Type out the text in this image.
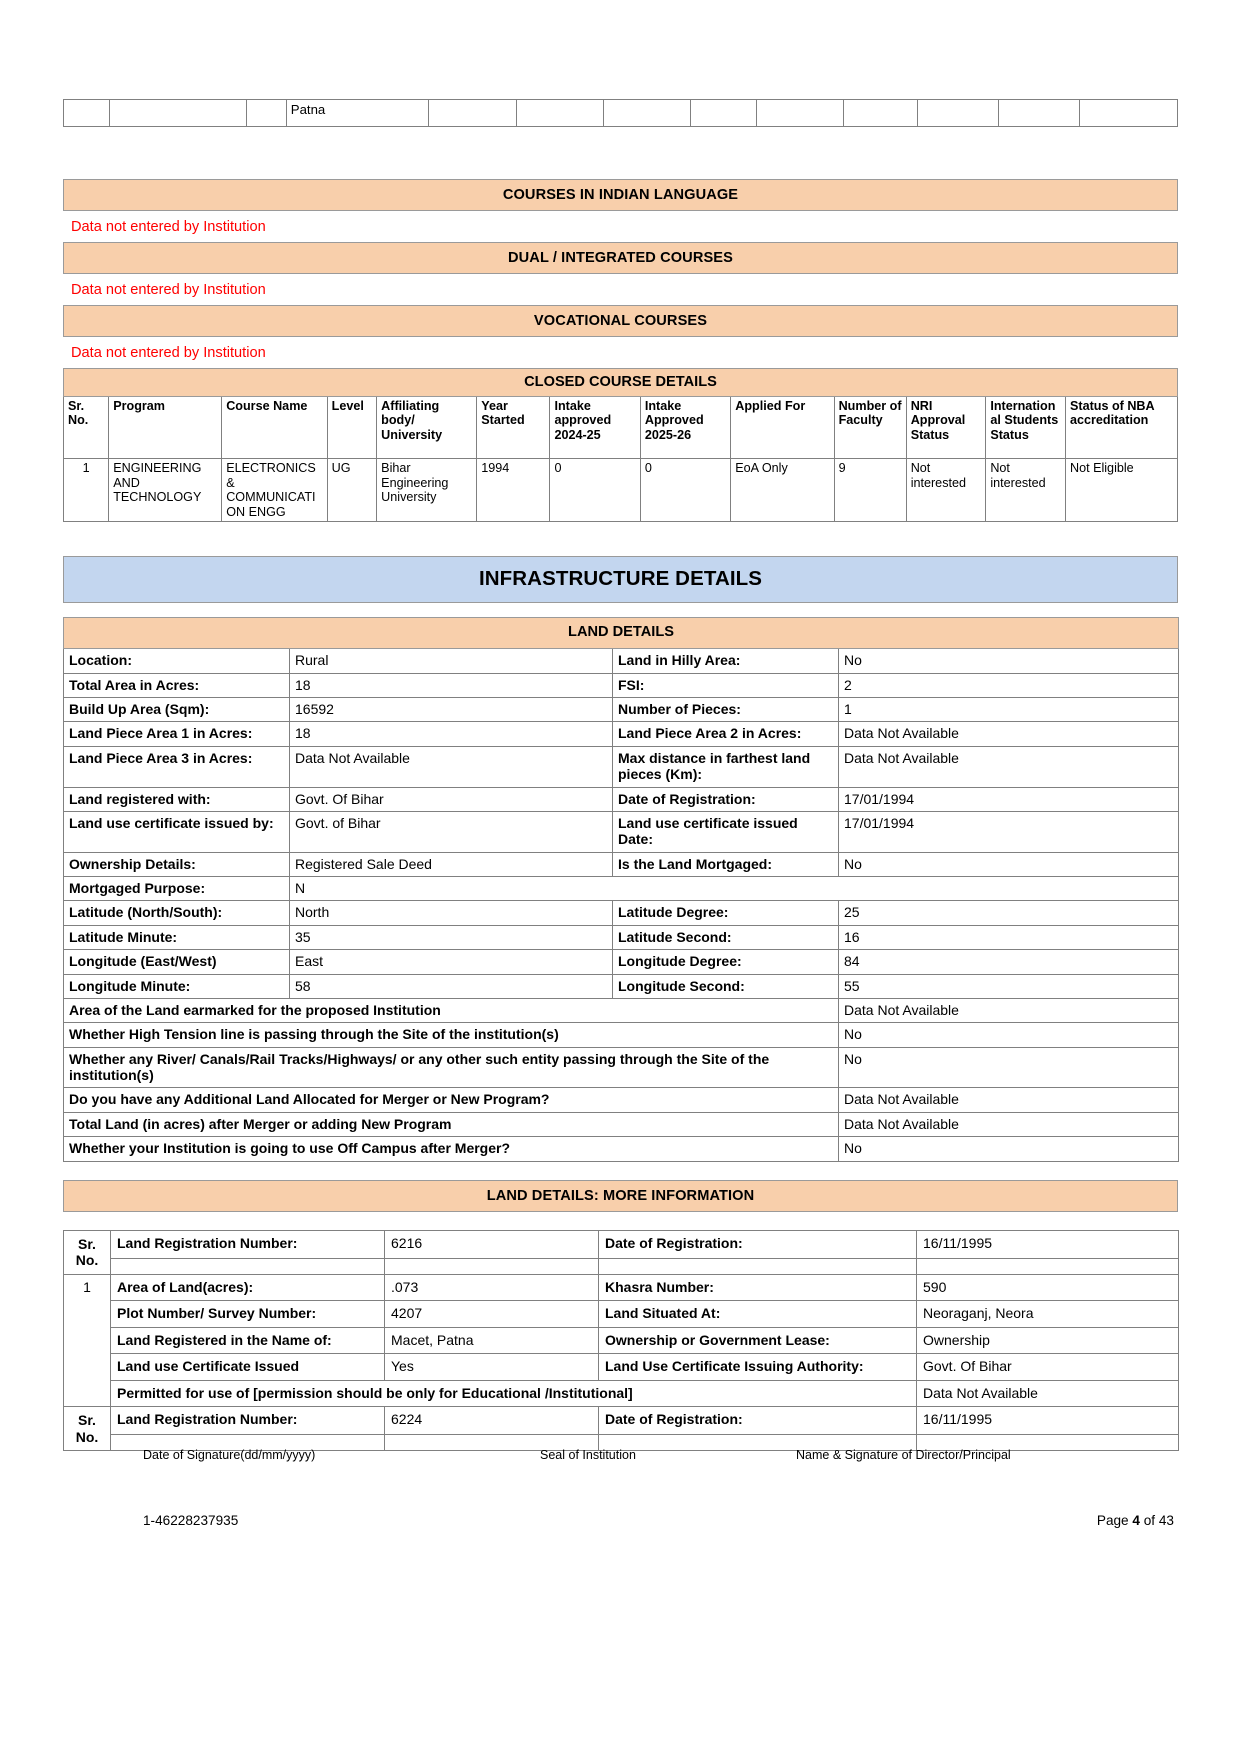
			Patna									
COURSES IN INDIAN LANGUAGE
Data not entered by Institution
DUAL / INTEGRATED COURSES
Data not entered by Institution
VOCATIONAL COURSES
Data not entered by Institution
CLOSED COURSE DETAILS												
Sr. No.	Program	Course Name	Level	Affiliating body/ University	Year Started	Intake approved 2024-25	Intake Approved 2025-26	Applied For	Number of Faculty	NRI Approval Status	International Students Status	Status of NBA accreditation
1	ENGINEERING AND TECHNOLOGY	ELECTRONICS & COMMUNICATION ENGG	UG	Bihar Engineering University	1994	0	0	EoA Only	9	Not interested	Not interested	Not Eligible
INFRASTRUCTURE DETAILS
LAND DETAILS			
Location:	Rural	Land in Hilly Area:	No
Total Area in Acres:	18	FSI:	2
Build Up Area (Sqm):	16592	Number of Pieces:	1
Land Piece Area 1 in Acres:	18	Land Piece Area 2 in Acres:	Data Not Available
Land Piece Area 3 in Acres:	Data Not Available	Max distance in farthest land pieces (Km):	Data Not Available
Land registered with:	Govt. Of Bihar	Date of Registration:	17/01/1994
Land use certificate issued by:	Govt. of Bihar	Land use certificate issued Date:	17/01/1994
Ownership Details:	Registered Sale Deed	Is the Land Mortgaged:	No
Mortgaged Purpose:	N		
Latitude (North/South):	North	Latitude Degree:	25
Latitude Minute:	35	Latitude Second:	16
Longitude (East/West)	East	Longitude Degree:	84
Longitude Minute:	58	Longitude Second:	55
Area of the Land earmarked for the proposed Institution			Data Not Available
Whether High Tension line is passing through the Site of the institution(s)			No
Whether any River/ Canals/Rail Tracks/Highways/ or any other such entity passing through the Site of the institution(s)			No
Do you have any Additional Land Allocated for Merger or New Program?			Data Not Available
Total Land (in acres) after Merger or adding New Program			Data Not Available
Whether your Institution is going to use Off Campus after Merger?			No
LAND DETAILS: MORE INFORMATION
Sr. No.	Land Registration Number:	6216	Date of Registration:	16/11/1995

1	Area of Land(acres):	.073	Khasra Number:	590
	Plot Number/ Survey Number:	4207	Land Situated At:	Neoraganj, Neora
	Land Registered in the Name of:	Macet, Patna	Ownership or Government Lease:	Ownership
	Land use Certificate Issued	Yes	Land Use Certificate Issuing Authority:	Govt. Of Bihar
	Permitted for use of [permission should be only for Educational /Institutional]			Data Not Available
Sr. No.	Land Registration Number:	6224	Date of Registration:	16/11/1995

Date of Signature(dd/mm/yyyy)	Seal of Institution	Name & Signature of Director/Principal
1-46228237935	Page 4 of 43
